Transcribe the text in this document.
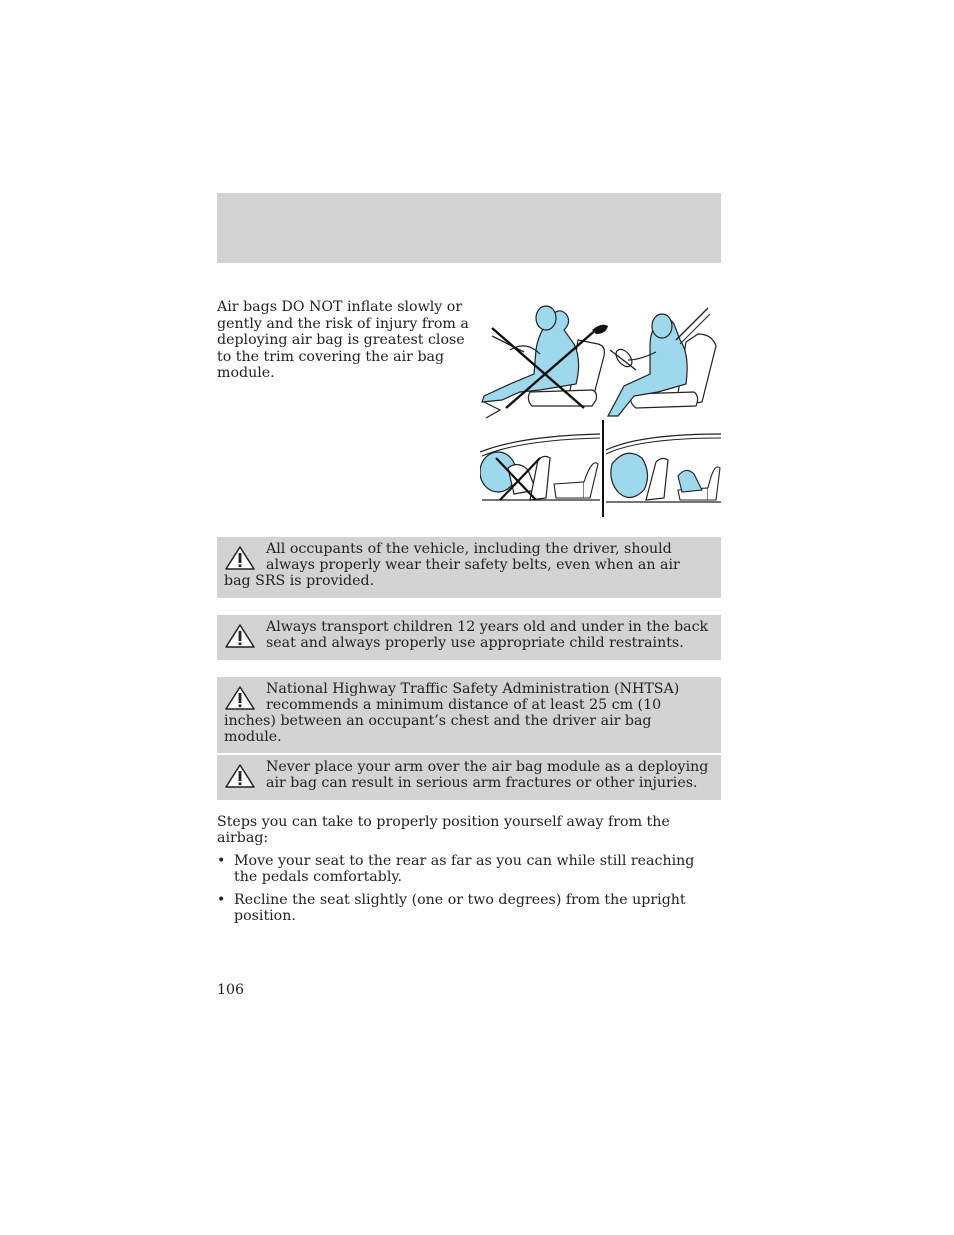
Air bags DO NOT inflate slowly or gently and the risk of injury from a deploying air bag is greatest close to the trim covering the air bag module.
All occupants of the vehicle, including the driver, should always properly wear their safety belts, even when an air bag SRS is provided.
Always transport children 12 years old and under in the back seat and always properly use appropriate child restraints.
National Highway Traffic Safety Administration (NHTSA) recommends a minimum distance of at least 25 cm (10 inches) between an occupant’s chest and the driver air bag module.
Never place your arm over the air bag module as a deploying air bag can result in serious arm fractures or other injuries.

Steps you can take to properly position yourself away from the airbag:

• Move your seat to the rear as far as you can while still reaching the pedals comfortably.
• Recline the seat slightly (one or two degrees) from the upright position.
106
